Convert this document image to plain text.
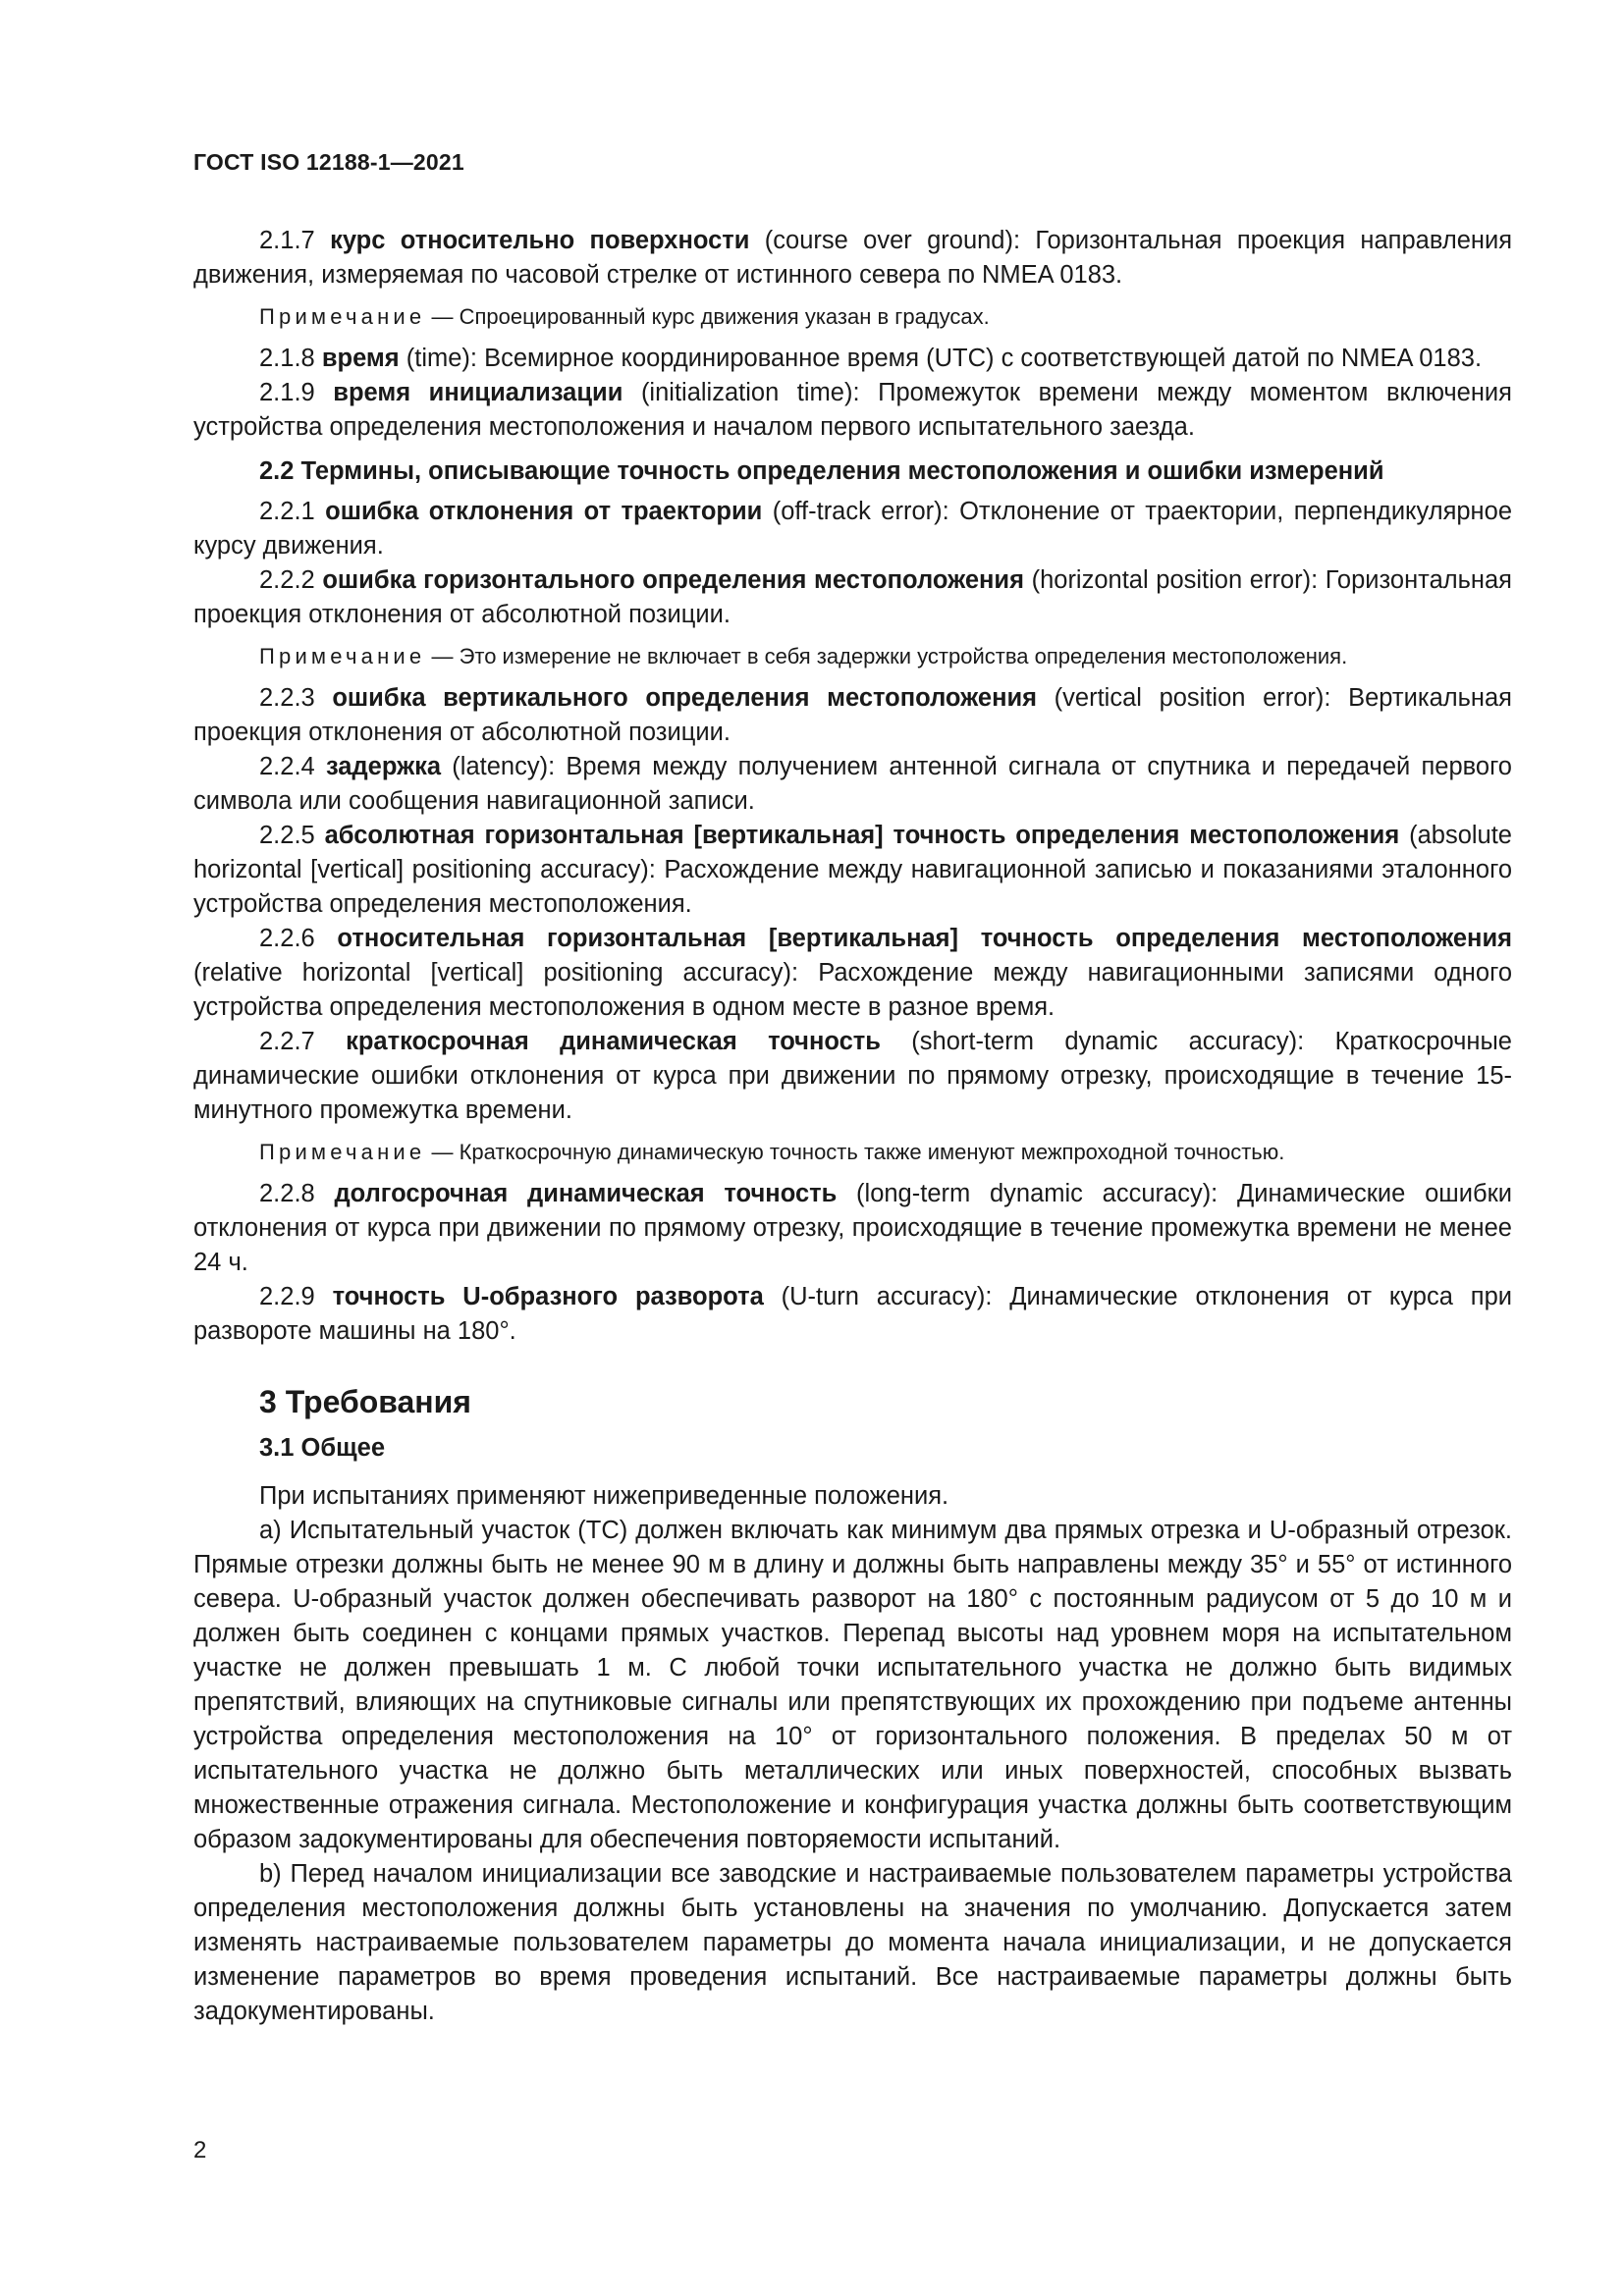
ГОСТ ISO 12188-1—2021

2.1.7 курс относительно поверхности (course over ground): Горизонтальная проекция направления движения, измеряемая по часовой стрелке от истинного севера по NMEA 0183.

Примечание — Спроецированный курс движения указан в градусах.

2.1.8 время (time): Всемирное координированное время (UTC) с соответствующей датой по NMEA 0183.

2.1.9 время инициализации (initialization time): Промежуток времени между моментом включения устройства определения местоположения и началом первого испытательного заезда.

2.2 Термины, описывающие точность определения местоположения и ошибки измерений

2.2.1 ошибка отклонения от траектории (off-track error): Отклонение от траектории, перпендикулярное курсу движения.

2.2.2 ошибка горизонтального определения местоположения (horizontal position error): Горизонтальная проекция отклонения от абсолютной позиции.

Примечание — Это измерение не включает в себя задержки устройства определения местоположения.

2.2.3 ошибка вертикального определения местоположения (vertical position error): Вертикальная проекция отклонения от абсолютной позиции.

2.2.4 задержка (latency): Время между получением антенной сигнала от спутника и передачей первого символа или сообщения навигационной записи.

2.2.5 абсолютная горизонтальная [вертикальная] точность определения местоположения (absolute horizontal [vertical] positioning accuracy): Расхождение между навигационной записью и показаниями эталонного устройства определения местоположения.

2.2.6 относительная горизонтальная [вертикальная] точность определения местоположения (relative horizontal [vertical] positioning accuracy): Расхождение между навигационными записями одного устройства определения местоположения в одном месте в разное время.

2.2.7 краткосрочная динамическая точность (short-term dynamic accuracy): Краткосрочные динамические ошибки отклонения от курса при движении по прямому отрезку, происходящие в течение 15-минутного промежутка времени.

Примечание — Краткосрочную динамическую точность также именуют межпроходной точностью.

2.2.8 долгосрочная динамическая точность (long-term dynamic accuracy): Динамические ошибки отклонения от курса при движении по прямому отрезку, происходящие в течение промежутка времени не менее 24 ч.

2.2.9 точность U-образного разворота (U-turn accuracy): Динамические отклонения от курса при развороте машины на 180°.

3 Требования

3.1 Общее

При испытаниях применяют нижеприведенные положения.

a) Испытательный участок (ТС) должен включать как минимум два прямых отрезка и U-образный отрезок. Прямые отрезки должны быть не менее 90 м в длину и должны быть направлены между 35° и 55° от истинного севера. U-образный участок должен обеспечивать разворот на 180° с постоянным радиусом от 5 до 10 м и должен быть соединен с концами прямых участков. Перепад высоты над уровнем моря на испытательном участке не должен превышать 1 м. С любой точки испытательного участка не должно быть видимых препятствий, влияющих на спутниковые сигналы или препятствующих их прохождению при подъеме антенны устройства определения местоположения на 10° от горизонтального положения. В пределах 50 м от испытательного участка не должно быть металлических или иных поверхностей, способных вызвать множественные отражения сигнала. Местоположение и конфигурация участка должны быть соответствующим образом задокументированы для обеспечения повторяемости испытаний.

b) Перед началом инициализации все заводские и настраиваемые пользователем параметры устройства определения местоположения должны быть установлены на значения по умолчанию. Допускается затем изменять настраиваемые пользователем параметры до момента начала инициализации, и не допускается изменение параметров во время проведения испытаний. Все настраиваемые параметры должны быть задокументированы.

2
